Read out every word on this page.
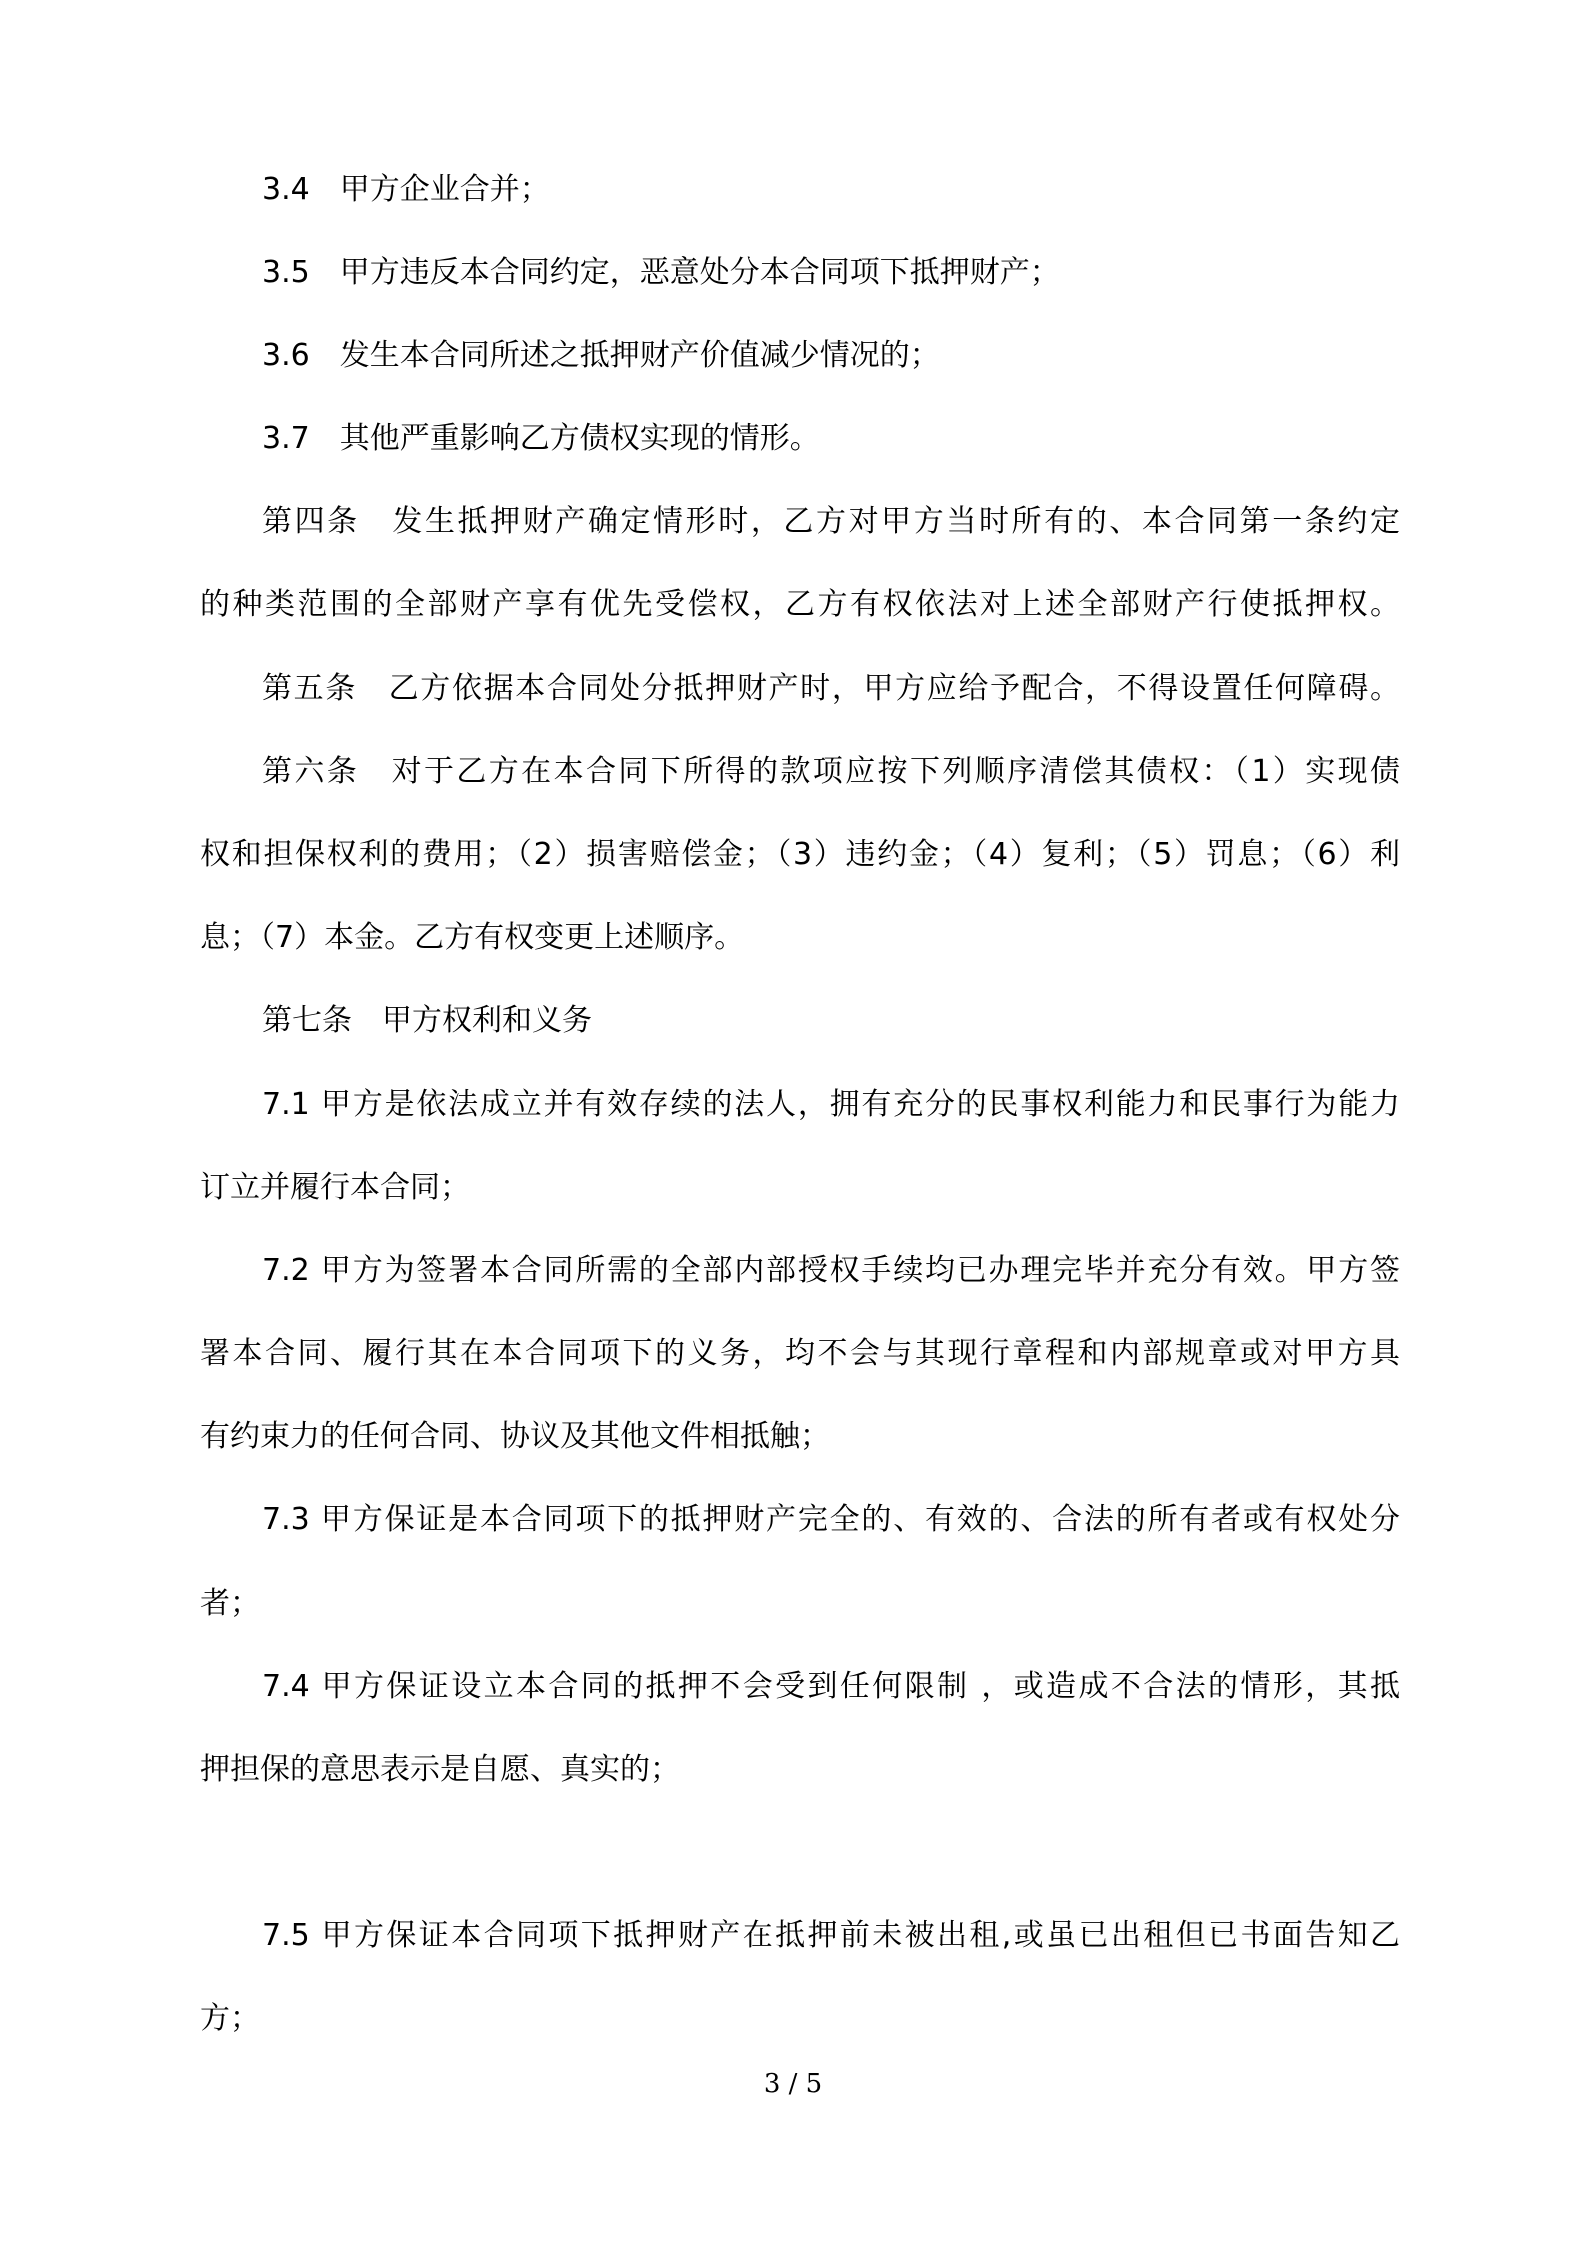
3.4　甲方企业合并；

3.5　甲方违反本合同约定，恶意处分本合同项下抵押财产；

3.6　发生本合同所述之抵押财产价值减少情况的；

3.7　其他严重影响乙方债权实现的情形。

第四条　发生抵押财产确定情形时，乙方对甲方当时所有的、本合同第一条约定

的种类范围的全部财产享有优先受偿权，乙方有权依法对上述全部财产行使抵押权。

第五条　乙方依据本合同处分抵押财产时，甲方应给予配合，不得设置任何障碍。

第六条　对于乙方在本合同下所得的款项应按下列顺序清偿其债权：（1）实现债

权和担保权利的费用；（2）损害赔偿金；（3）违约金；（4）复利；（5）罚息；（6）利

息；（7）本金。乙方有权变更上述顺序。

第七条　甲方权利和义务

7.1 甲方是依法成立并有效存续的法人，拥有充分的民事权利能力和民事行为能力

订立并履行本合同；

7.2 甲方为签署本合同所需的全部内部授权手续均已办理完毕并充分有效。甲方签

署本合同、履行其在本合同项下的义务，均不会与其现行章程和内部规章或对甲方具

有约束力的任何合同、协议及其他文件相抵触；

7.3 甲方保证是本合同项下的抵押财产完全的、有效的、合法的所有者或有权处分

者；

7.4 甲方保证设立本合同的抵押不会受到任何限制 ，或造成不合法的情形，其抵

押担保的意思表示是自愿、真实的；

7.5 甲方保证本合同项下抵押财产在抵押前未被出租,或虽已出租但已书面告知乙

方；

3 / 5
